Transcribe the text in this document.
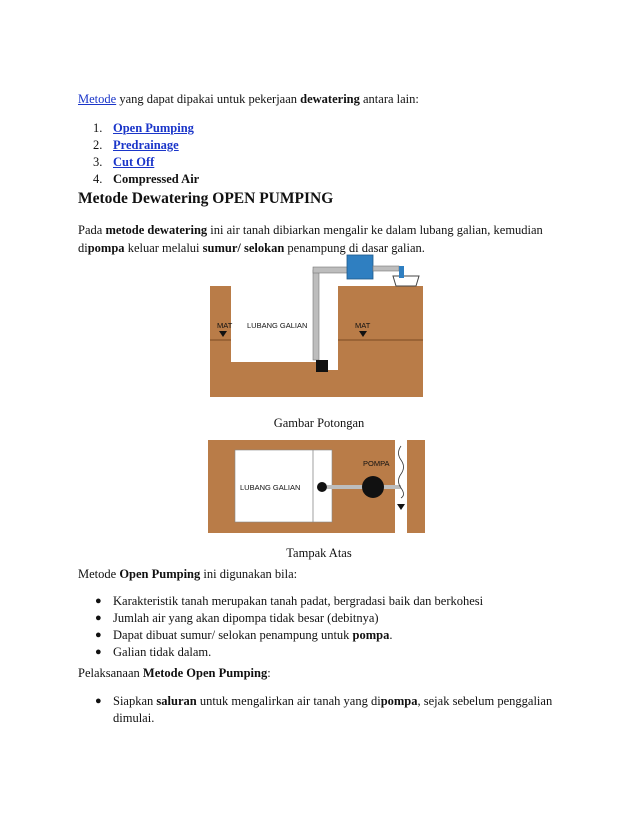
Metode yang dapat dipakai untuk pekerjaan dewatering antara lain:
1. Open Pumping
2. Predrainage
3. Cut Off
4. Compressed Air
Metode Dewatering OPEN PUMPING
Pada metode dewatering ini air tanah dibiarkan mengalir ke dalam lubang galian, kemudian dipompa keluar melalui sumur/ selokan penampung di dasar galian.
MAT LUBANG GALIAN	MAT
Gambar Potongan
POMPA
LUBANG GALIAN
Tampak Atas
Metode Open Pumping ini digunakan bila:
● Karakteristik tanah merupakan tanah padat, bergradasi baik dan berkohesi
● Jumlah air yang akan dipompa tidak besar (debitnya)
● Dapat dibuat sumur/ selokan penampung untuk pompa.
● Galian tidak dalam.
Pelaksanaan Metode Open Pumping:
● Siapkan saluran untuk mengalirkan air tanah yang dipompa, sejak sebelum penggalian dimulai.
